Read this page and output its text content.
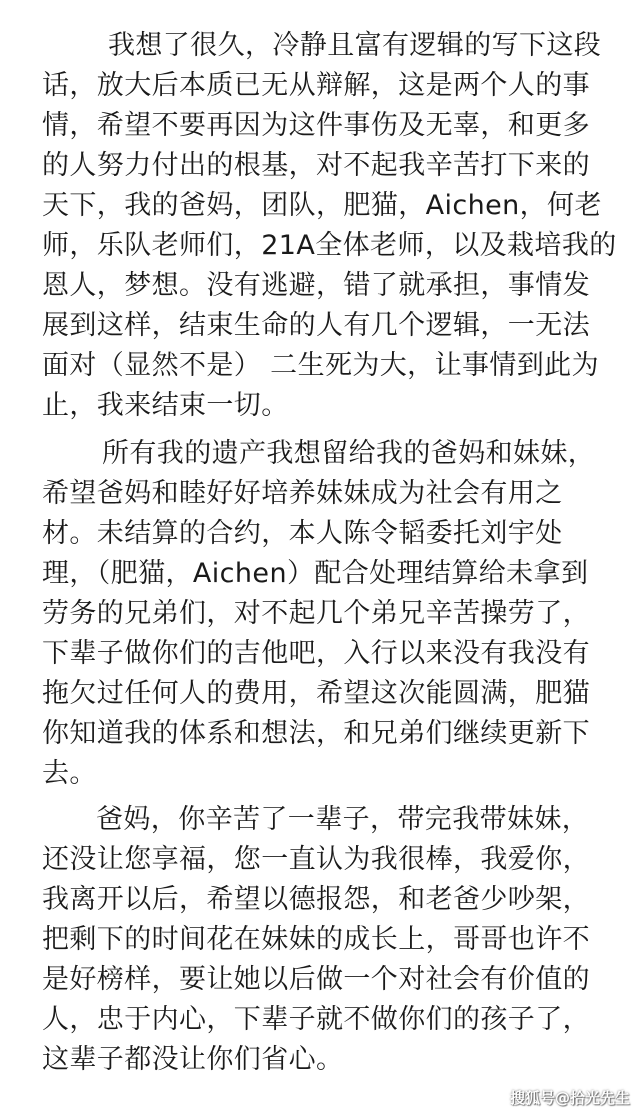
我想了很久，冷静且富有逻辑的写下这段
话，放大后本质已无从辩解，这是两个人的事
情，希望不要再因为这件事伤及无辜，和更多
的人努力付出的根基，对不起我辛苦打下来的
天下，我的爸妈，团队，肥猫，Aichen，何老
师，乐队老师们，21A全体老师，以及栽培我的
恩人，梦想。没有逃避，错了就承担，事情发
展到这样，结束生命的人有几个逻辑，一无法
面对（显然不是） 二生死为大，让事情到此为
止，我来结束一切。
所有我的遗产我想留给我的爸妈和妹妹，
希望爸妈和睦好好培养妹妹成为社会有用之
材。未结算的合约，本人陈令韬委托刘宇处
理，（肥猫，Aichen）配合处理结算给未拿到
劳务的兄弟们，对不起几个弟兄辛苦操劳了，
下辈子做你们的吉他吧，入行以来没有我没有
拖欠过任何人的费用，希望这次能圆满，肥猫
你知道我的体系和想法，和兄弟们继续更新下
去。
爸妈，你辛苦了一辈子，带完我带妹妹，
还没让您享福，您一直认为我很棒，我爱你，
我离开以后，希望以德报怨，和老爸少吵架，
把剩下的时间花在妹妹的成长上，哥哥也许不
是好榜样，要让她以后做一个对社会有价值的
人，忠于内心，下辈子就不做你们的孩子了，
这辈子都没让你们省心。
搜狐号@拾光先生
